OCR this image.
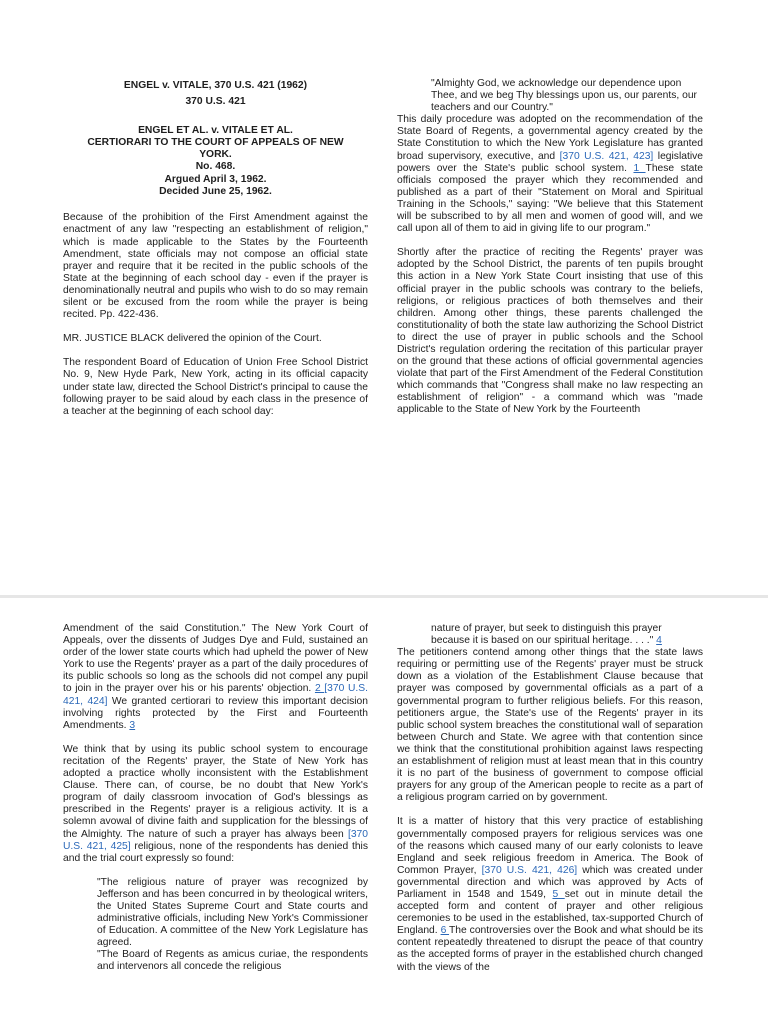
ENGEL v. VITALE, 370 U.S. 421 (1962)
370 U.S. 421
ENGEL ET AL. v. VITALE ET AL.
CERTIORARI TO THE COURT OF APPEALS OF NEW YORK.
No. 468.
Argued April 3, 1962.
Decided June 25, 1962.

Because of the prohibition of the First Amendment against the enactment of any law "respecting an establishment of religion," which is made applicable to the States by the Fourteenth Amendment, state officials may not compose an official state prayer and require that it be recited in the public schools of the State at the beginning of each school day - even if the prayer is denominationally neutral and pupils who wish to do so may remain silent or be excused from the room while the prayer is being recited. Pp. 422-436.

MR. JUSTICE BLACK delivered the opinion of the Court.

The respondent Board of Education of Union Free School District No. 9, New Hyde Park, New York, acting in its official capacity under state law, directed the School District's principal to cause the following prayer to be said aloud by each class in the presence of a teacher at the beginning of each school day:

"Almighty God, we acknowledge our dependence upon Thee, and we beg Thy blessings upon us, our parents, our teachers and our Country."

This daily procedure was adopted on the recommendation of the State Board of Regents, a governmental agency created by the State Constitution to which the New York Legislature has granted broad supervisory, executive, and [370 U.S. 421, 423] legislative powers over the State's public school system. 1 These state officials composed the prayer which they recommended and published as a part of their "Statement on Moral and Spiritual Training in the Schools," saying: "We believe that this Statement will be subscribed to by all men and women of good will, and we call upon all of them to aid in giving life to our program."

Shortly after the practice of reciting the Regents' prayer was adopted by the School District, the parents of ten pupils brought this action in a New York State Court insisting that use of this official prayer in the public schools was contrary to the beliefs, religions, or religious practices of both themselves and their children. Among other things, these parents challenged the constitutionality of both the state law authorizing the School District to direct the use of prayer in public schools and the School District's regulation ordering the recitation of this particular prayer on the ground that these actions of official governmental agencies violate that part of the First Amendment of the Federal Constitution which commands that "Congress shall make no law respecting an establishment of religion" - a command which was "made applicable to the State of New York by the Fourteenth

Amendment of the said Constitution." The New York Court of Appeals, over the dissents of Judges Dye and Fuld, sustained an order of the lower state courts which had upheld the power of New York to use the Regents' prayer as a part of the daily procedures of its public schools so long as the schools did not compel any pupil to join in the prayer over his or his parents' objection. 2 [370 U.S. 421, 424] We granted certiorari to review this important decision involving rights protected by the First and Fourteenth Amendments. 3

We think that by using its public school system to encourage recitation of the Regents' prayer, the State of New York has adopted a practice wholly inconsistent with the Establishment Clause. There can, of course, be no doubt that New York's program of daily classroom invocation of God's blessings as prescribed in the Regents' prayer is a religious activity. It is a solemn avowal of divine faith and supplication for the blessings of the Almighty. The nature of such a prayer has always been [370 U.S. 421, 425] religious, none of the respondents has denied this and the trial court expressly so found:

"The religious nature of prayer was recognized by Jefferson and has been concurred in by theological writers, the United States Supreme Court and State courts and administrative officials, including New York's Commissioner of Education. A committee of the New York Legislature has agreed.

"The Board of Regents as amicus curiae, the respondents and intervenors all concede the religious

nature of prayer, but seek to distinguish this prayer because it is based on our spiritual heritage. . . ." 4

The petitioners contend among other things that the state laws requiring or permitting use of the Regents' prayer must be struck down as a violation of the Establishment Clause because that prayer was composed by governmental officials as a part of a governmental program to further religious beliefs. For this reason, petitioners argue, the State's use of the Regents' prayer in its public school system breaches the constitutional wall of separation between Church and State. We agree with that contention since we think that the constitutional prohibition against laws respecting an establishment of religion must at least mean that in this country it is no part of the business of government to compose official prayers for any group of the American people to recite as a part of a religious program carried on by government.

It is a matter of history that this very practice of establishing governmentally composed prayers for religious services was one of the reasons which caused many of our early colonists to leave England and seek religious freedom in America. The Book of Common Prayer, [370 U.S. 421, 426] which was created under governmental direction and which was approved by Acts of Parliament in 1548 and 1549, 5 set out in minute detail the accepted form and content of prayer and other religious ceremonies to be used in the established, tax-supported Church of England. 6 The controversies over the Book and what should be its content repeatedly threatened to disrupt the peace of that country as the accepted forms of prayer in the established church changed with the views of the
